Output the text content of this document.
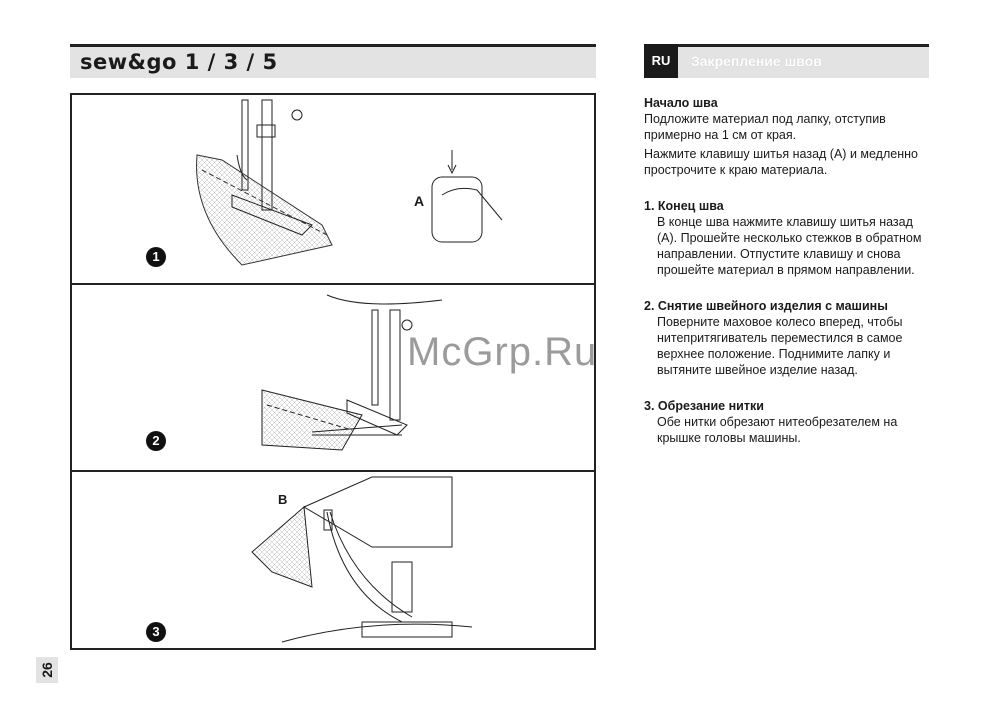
sew&go 1 / 3 / 5	RU	Закрепление швов
A
1
2
B
3
McGrp.Ru
26

Начало шва

Подложите материал под лапку, отступив примерно на 1 см от края.

Нажмите клавишу шитья назад (A) и медленно прострочите к краю материала.

1. Конец шва

В конце шва нажмите клавишу шитья назад (A). Прошейте несколько стежков в обратном направлении. Отпустите клавишу и снова прошейте материал в прямом направлении.

2. Снятие швейного изделия с машины

Поверните маховое колесо вперед, чтобы нитепритягиватель переместился в самое верхнее положение. Поднимите лапку и вытяните швейное изделие назад.

3. Обрезание нитки

Обе нитки обрезают нитеобрезателем на крышке головы машины.
